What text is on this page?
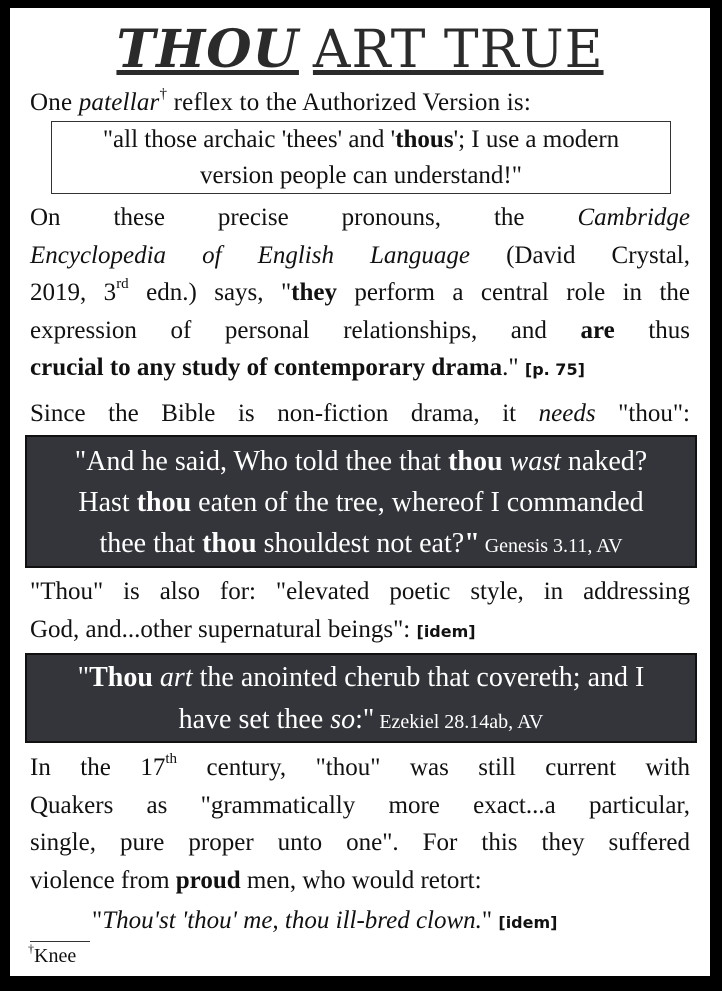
THOU ART TRUE
One patellar† reflex to the Authorized Version is:
"all those archaic 'thees' and 'thous'; I use a modern
version people can understand!"
On these precise pronouns, the Cambridge
Encyclopedia of English Language (David Crystal,
2019, 3rd edn.) says, "they perform a central role in the
expression of personal relationships, and are thus
crucial to any study of contemporary drama." [p. 75]
Since the Bible is non-fiction drama, it needs "thou":
"And he said, Who told thee that thou wast naked?
Hast thou eaten of the tree, whereof I commanded
thee that thou shouldest not eat?" Genesis 3.11, AV
"Thou" is also for: "elevated poetic style, in addressing
God, and...other supernatural beings": [idem]
"Thou art the anointed cherub that covereth; and I
have set thee so:" Ezekiel 28.14ab, AV
In the 17th century, "thou" was still current with
Quakers as "grammatically more exact...a particular,
single, pure proper unto one". For this they suffered
violence from proud men, who would retort:
"Thou'st 'thou' me, thou ill-bred clown." [idem]
†Knee
